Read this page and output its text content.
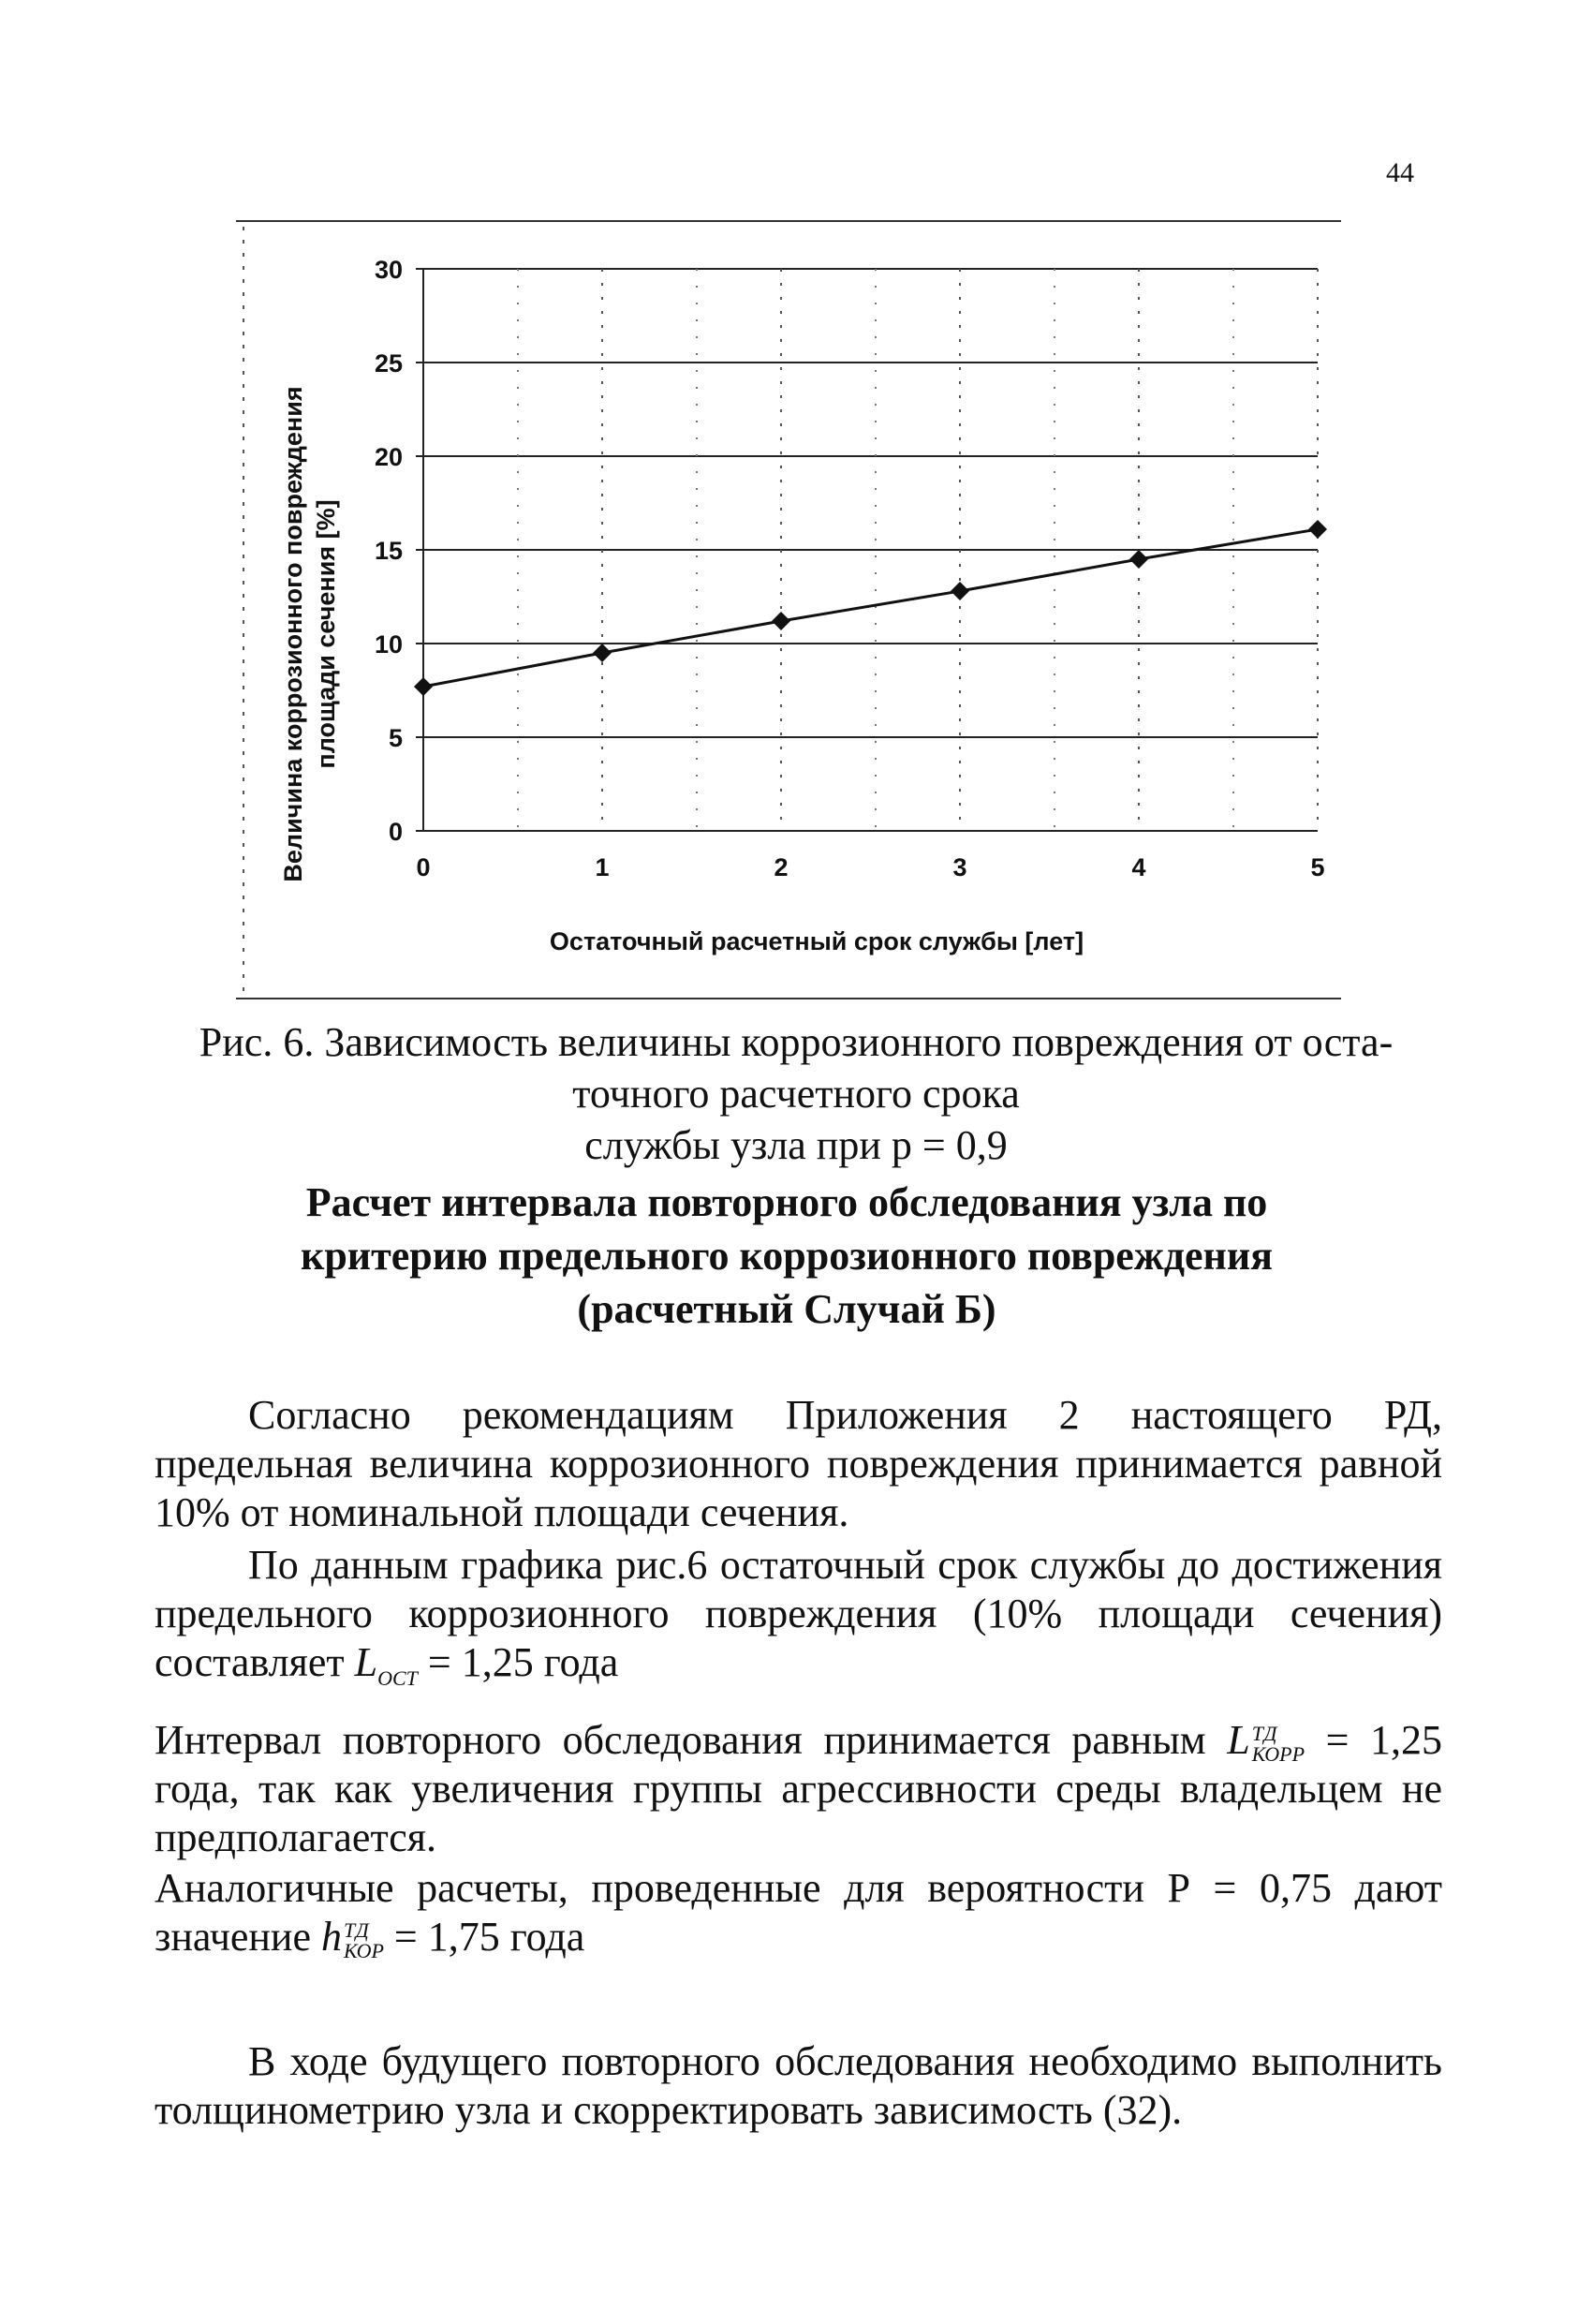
44
0
5
10
15
20
25
30
0	1	2	3	4	5
Величина коррозионного повреждения площади сечения [%]
Остаточный расчетный срок службы [лет]
Рис. 6. Зависимость величины коррозионного повреждения от оста-
точного расчетного срока
службы узла при р = 0,9
Расчет интервала повторного обследования узла по
критерию предельного коррозионного повреждения
(расчетный Случай Б)
Согласно рекомендациям Приложения 2 настоящего РД, предельная величина коррозионного повреждения принимается равной 10% от номинальной площади сечения.
По данным графика рис.6 остаточный срок службы до достижения предельного коррозионного повреждения (10% площади сечения) составляет $L_{ОСТ} = 1,25$ года
Интервал повторного обследования принимается равным L ТД
КОРР = 1,25 года, так как увеличения группы агрессивности среды владельцем не предполагается.
Аналогичные расчеты, проведенные для вероятности Р = 0,75 дают значение h ТД
КОР = 1,75 года
В ходе будущего повторного обследования необходимо выполнить толщинометрию узла и скорректировать зависимость (32).
